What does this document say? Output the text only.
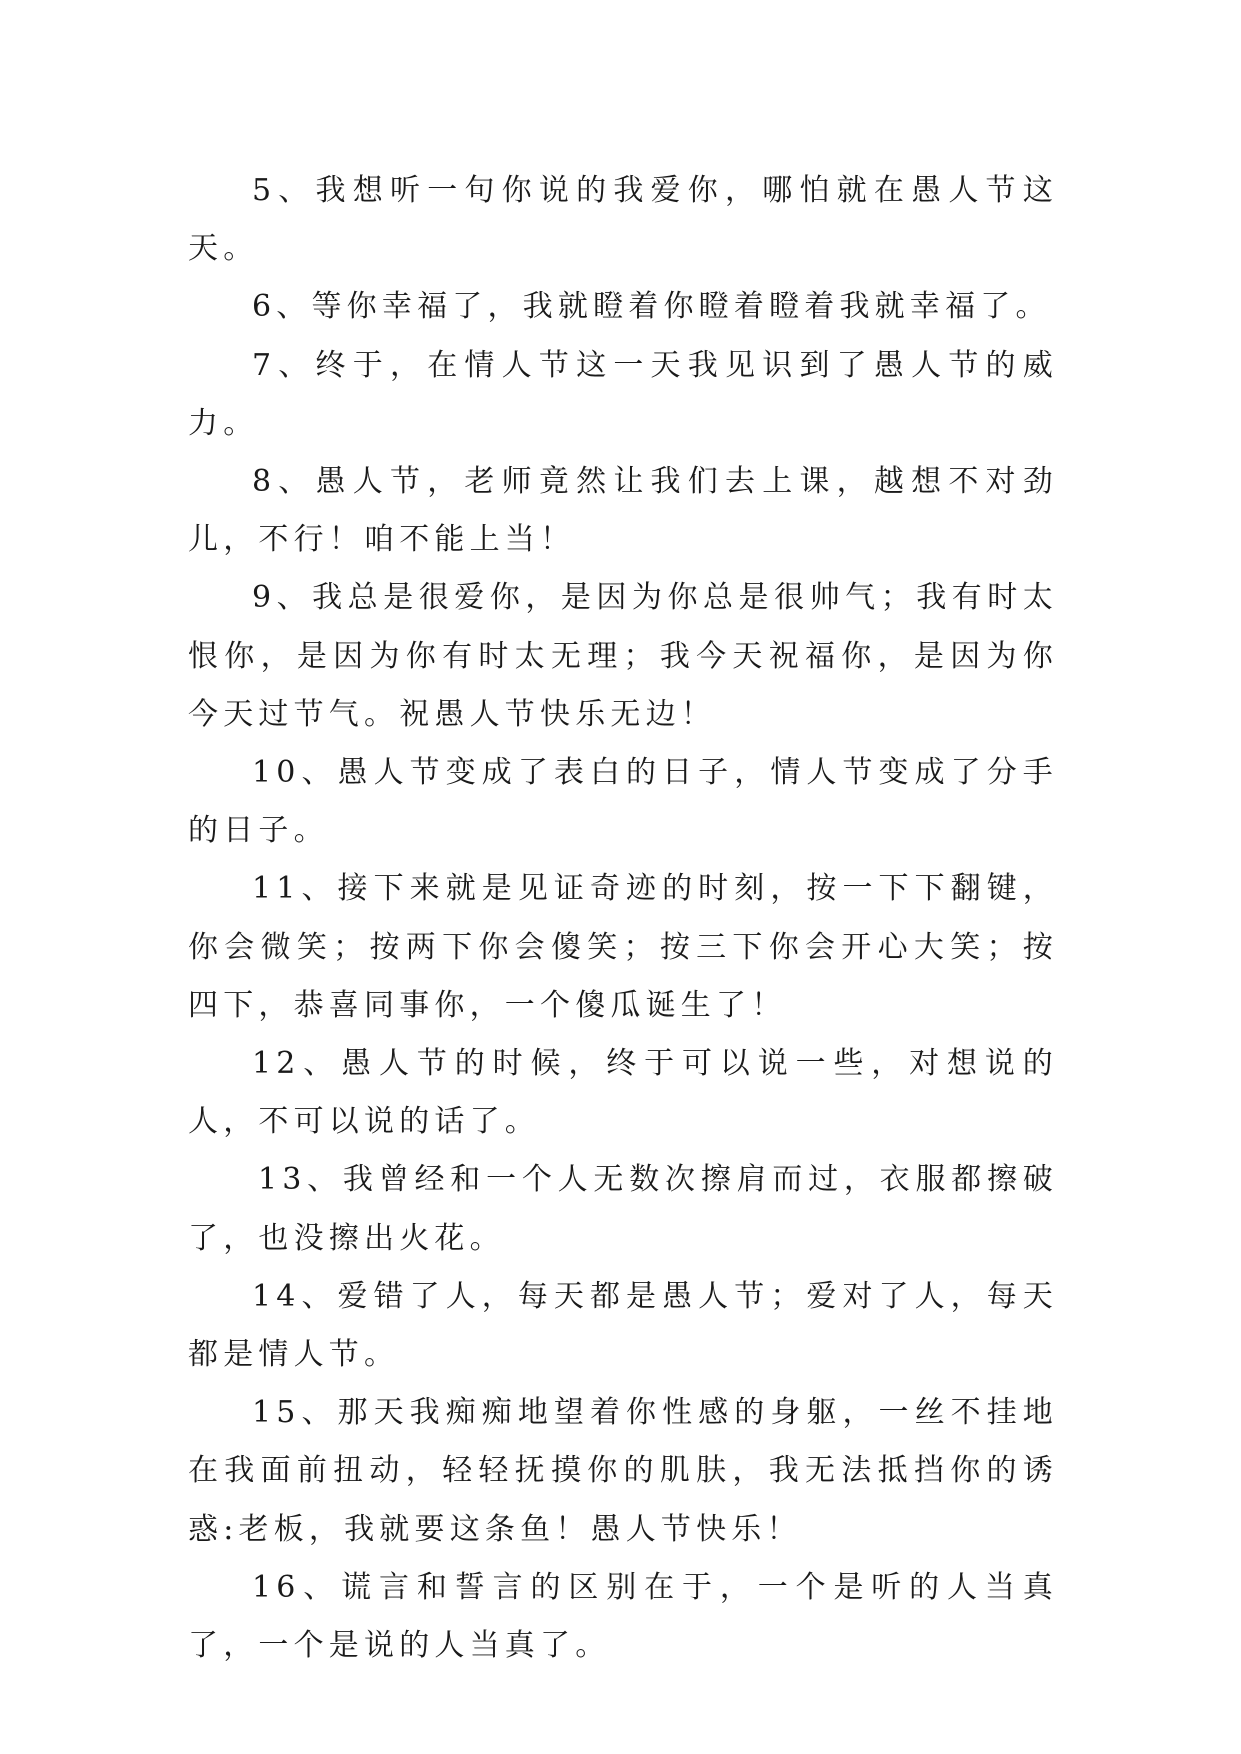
5、我想听一句你说的我爱你，哪怕就在愚人节这天。

6、等你幸福了，我就瞪着你瞪着瞪着我就幸福了。

7、终于，在情人节这一天我见识到了愚人节的威力。

8、愚人节，老师竟然让我们去上课，越想不对劲儿，不行！咱不能上当！

9、我总是很爱你，是因为你总是很帅气；我有时太恨你，是因为你有时太无理；我今天祝福你，是因为你今天过节气。祝愚人节快乐无边！

10、愚人节变成了表白的日子，情人节变成了分手的日子。

11、接下来就是见证奇迹的时刻，按一下下翻键，你会微笑；按两下你会傻笑；按三下你会开心大笑；按四下，恭喜同事你，一个傻瓜诞生了！

12、愚人节的时候，终于可以说一些，对想说的人，不可以说的话了。

13、我曾经和一个人无数次擦肩而过，衣服都擦破了，也没擦出火花。

14、爱错了人，每天都是愚人节；爱对了人，每天都是情人节。

15、那天我痴痴地望着你性感的身躯，一丝不挂地在我面前扭动，轻轻抚摸你的肌肤，我无法抵挡你的诱惑:老板，我就要这条鱼！愚人节快乐！

16、谎言和誓言的区别在于，一个是听的人当真了，一个是说的人当真了。
